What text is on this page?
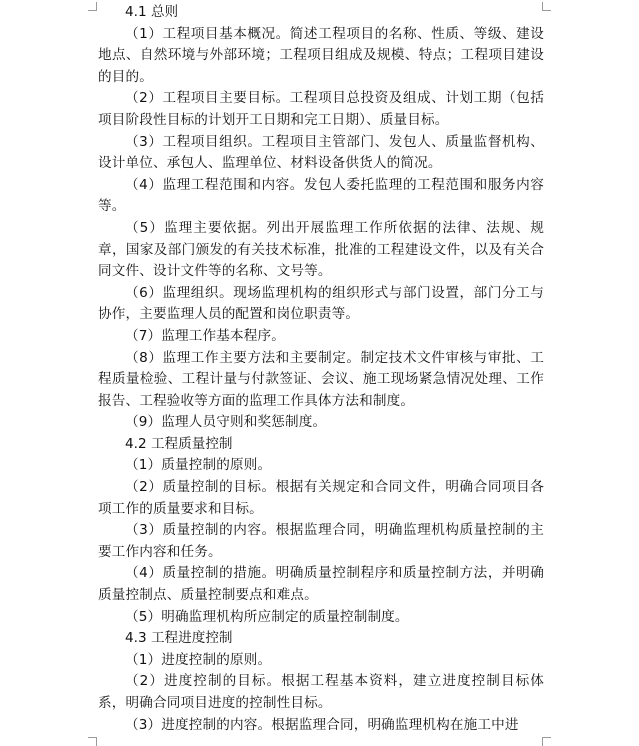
4.1 总则

（1）工程项目基本概况。简述工程项目的名称、性质、等级、建设地点、自然环境与外部环境；工程项目组成及规模、特点；工程项目建设的目的。

（2）工程项目主要目标。工程项目总投资及组成、计划工期（包括项目阶段性目标的计划开工日期和完工日期）、质量目标。

（3）工程项目组织。工程项目主管部门、发包人、质量监督机构、设计单位、承包人、监理单位、材料设备供货人的简况。

（4）监理工程范围和内容。发包人委托监理的工程范围和服务内容等。

（5）监理主要依据。列出开展监理工作所依据的法律、法规、规章，国家及部门颁发的有关技术标准，批准的工程建设文件，以及有关合同文件、设计文件等的名称、文号等。

（6）监理组织。现场监理机构的组织形式与部门设置，部门分工与协作，主要监理人员的配置和岗位职责等。

（7）监理工作基本程序。

（8）监理工作主要方法和主要制定。制定技术文件审核与审批、工程质量检验、工程计量与付款签证、会议、施工现场紧急情况处理、工作报告、工程验收等方面的监理工作具体方法和制度。

（9）监理人员守则和奖惩制度。

4.2 工程质量控制

（1）质量控制的原则。

（2）质量控制的目标。根据有关规定和合同文件，明确合同项目各项工作的质量要求和目标。

（3）质量控制的内容。根据监理合同，明确监理机构质量控制的主要工作内容和任务。

（4）质量控制的措施。明确质量控制程序和质量控制方法，并明确质量控制点、质量控制要点和难点。

（5）明确监理机构所应制定的质量控制制度。

4.3 工程进度控制

（1）进度控制的原则。

（2）进度控制的目标。根据工程基本资料，建立进度控制目标体系，明确合同项目进度的控制性目标。

（3）进度控制的内容。根据监理合同，明确监理机构在施工中进
